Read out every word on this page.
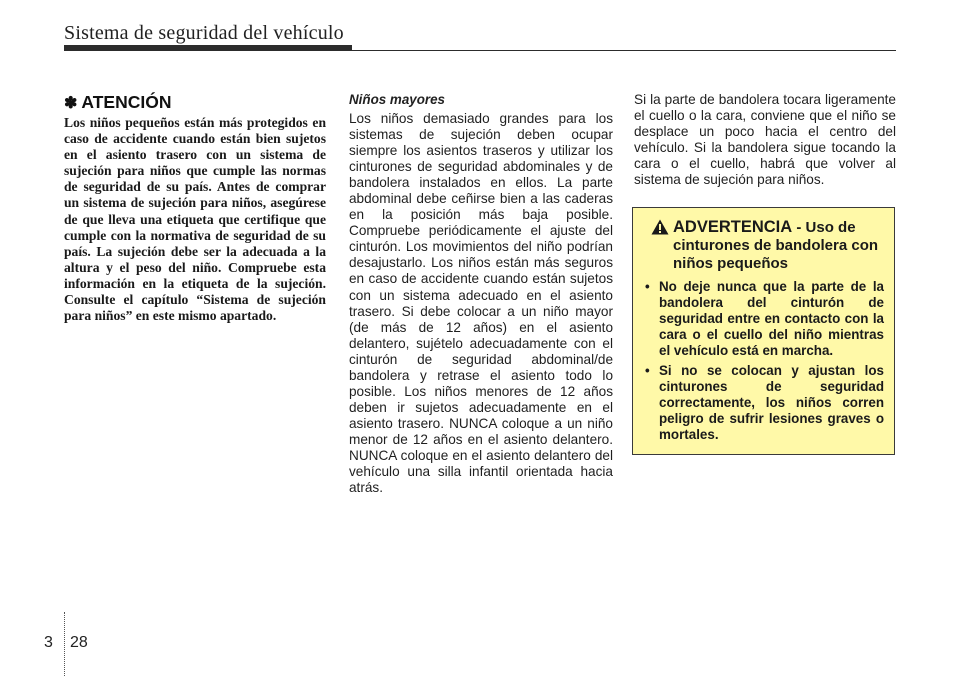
Sistema de seguridad del vehículo
✽ ATENCIÓN

Los niños pequeños están más protegidos en caso de accidente cuando están bien sujetos en el asiento trasero con un sistema de sujeción para niños que cumple las normas de seguridad de su país. Antes de comprar un sistema de sujeción para niños, asegúrese de que lleva una etiqueta que certifique que cumple con la normativa de seguridad de su país. La sujeción debe ser la adecuada a la altura y el peso del niño. Compruebe esta información en la etiqueta de la sujeción. Consulte el capítulo “Sistema de sujeción para niños” en este mismo apartado.

Niños mayores

Los niños demasiado grandes para los sistemas de sujeción deben ocupar siempre los asientos traseros y utilizar los cinturones de seguridad abdominales y de bandolera instalados en ellos. La parte abdominal debe ceñirse bien a las caderas en la posición más baja posible. Compruebe periódicamente el ajuste del cinturón. Los movimientos del niño podrían desajustarlo. Los niños están más seguros en caso de accidente cuando están sujetos con un sistema adecuado en el asiento trasero. Si debe colocar a un niño mayor (de más de 12 años) en el asiento delantero, sujételo adecuadamente con el cinturón de seguridad abdominal/de bandolera y retrase el asiento todo lo posible. Los niños menores de 12 años deben ir sujetos adecuadamente en el asiento trasero. NUNCA coloque a un niño menor de 12 años en el asiento delantero. NUNCA coloque en el asiento delantero del vehículo una silla infantil orientada hacia atrás.

Si la parte de bandolera tocara ligeramente el cuello o la cara, conviene que el niño se desplace un poco hacia el centro del vehículo. Si la bandolera sigue tocando la cara o el cuello, habrá que volver al sistema de sujeción para niños.

ADVERTENCIA - Uso de cinturones de bandolera con niños pequeños
• No deje nunca que la parte de la bandolera del cinturón de seguridad entre en contacto con la cara o el cuello del niño mientras el vehículo está en marcha.
• Si no se colocan y ajustan los cinturones de seguridad correctamente, los niños corren peligro de sufrir lesiones graves o mortales.
3 28
